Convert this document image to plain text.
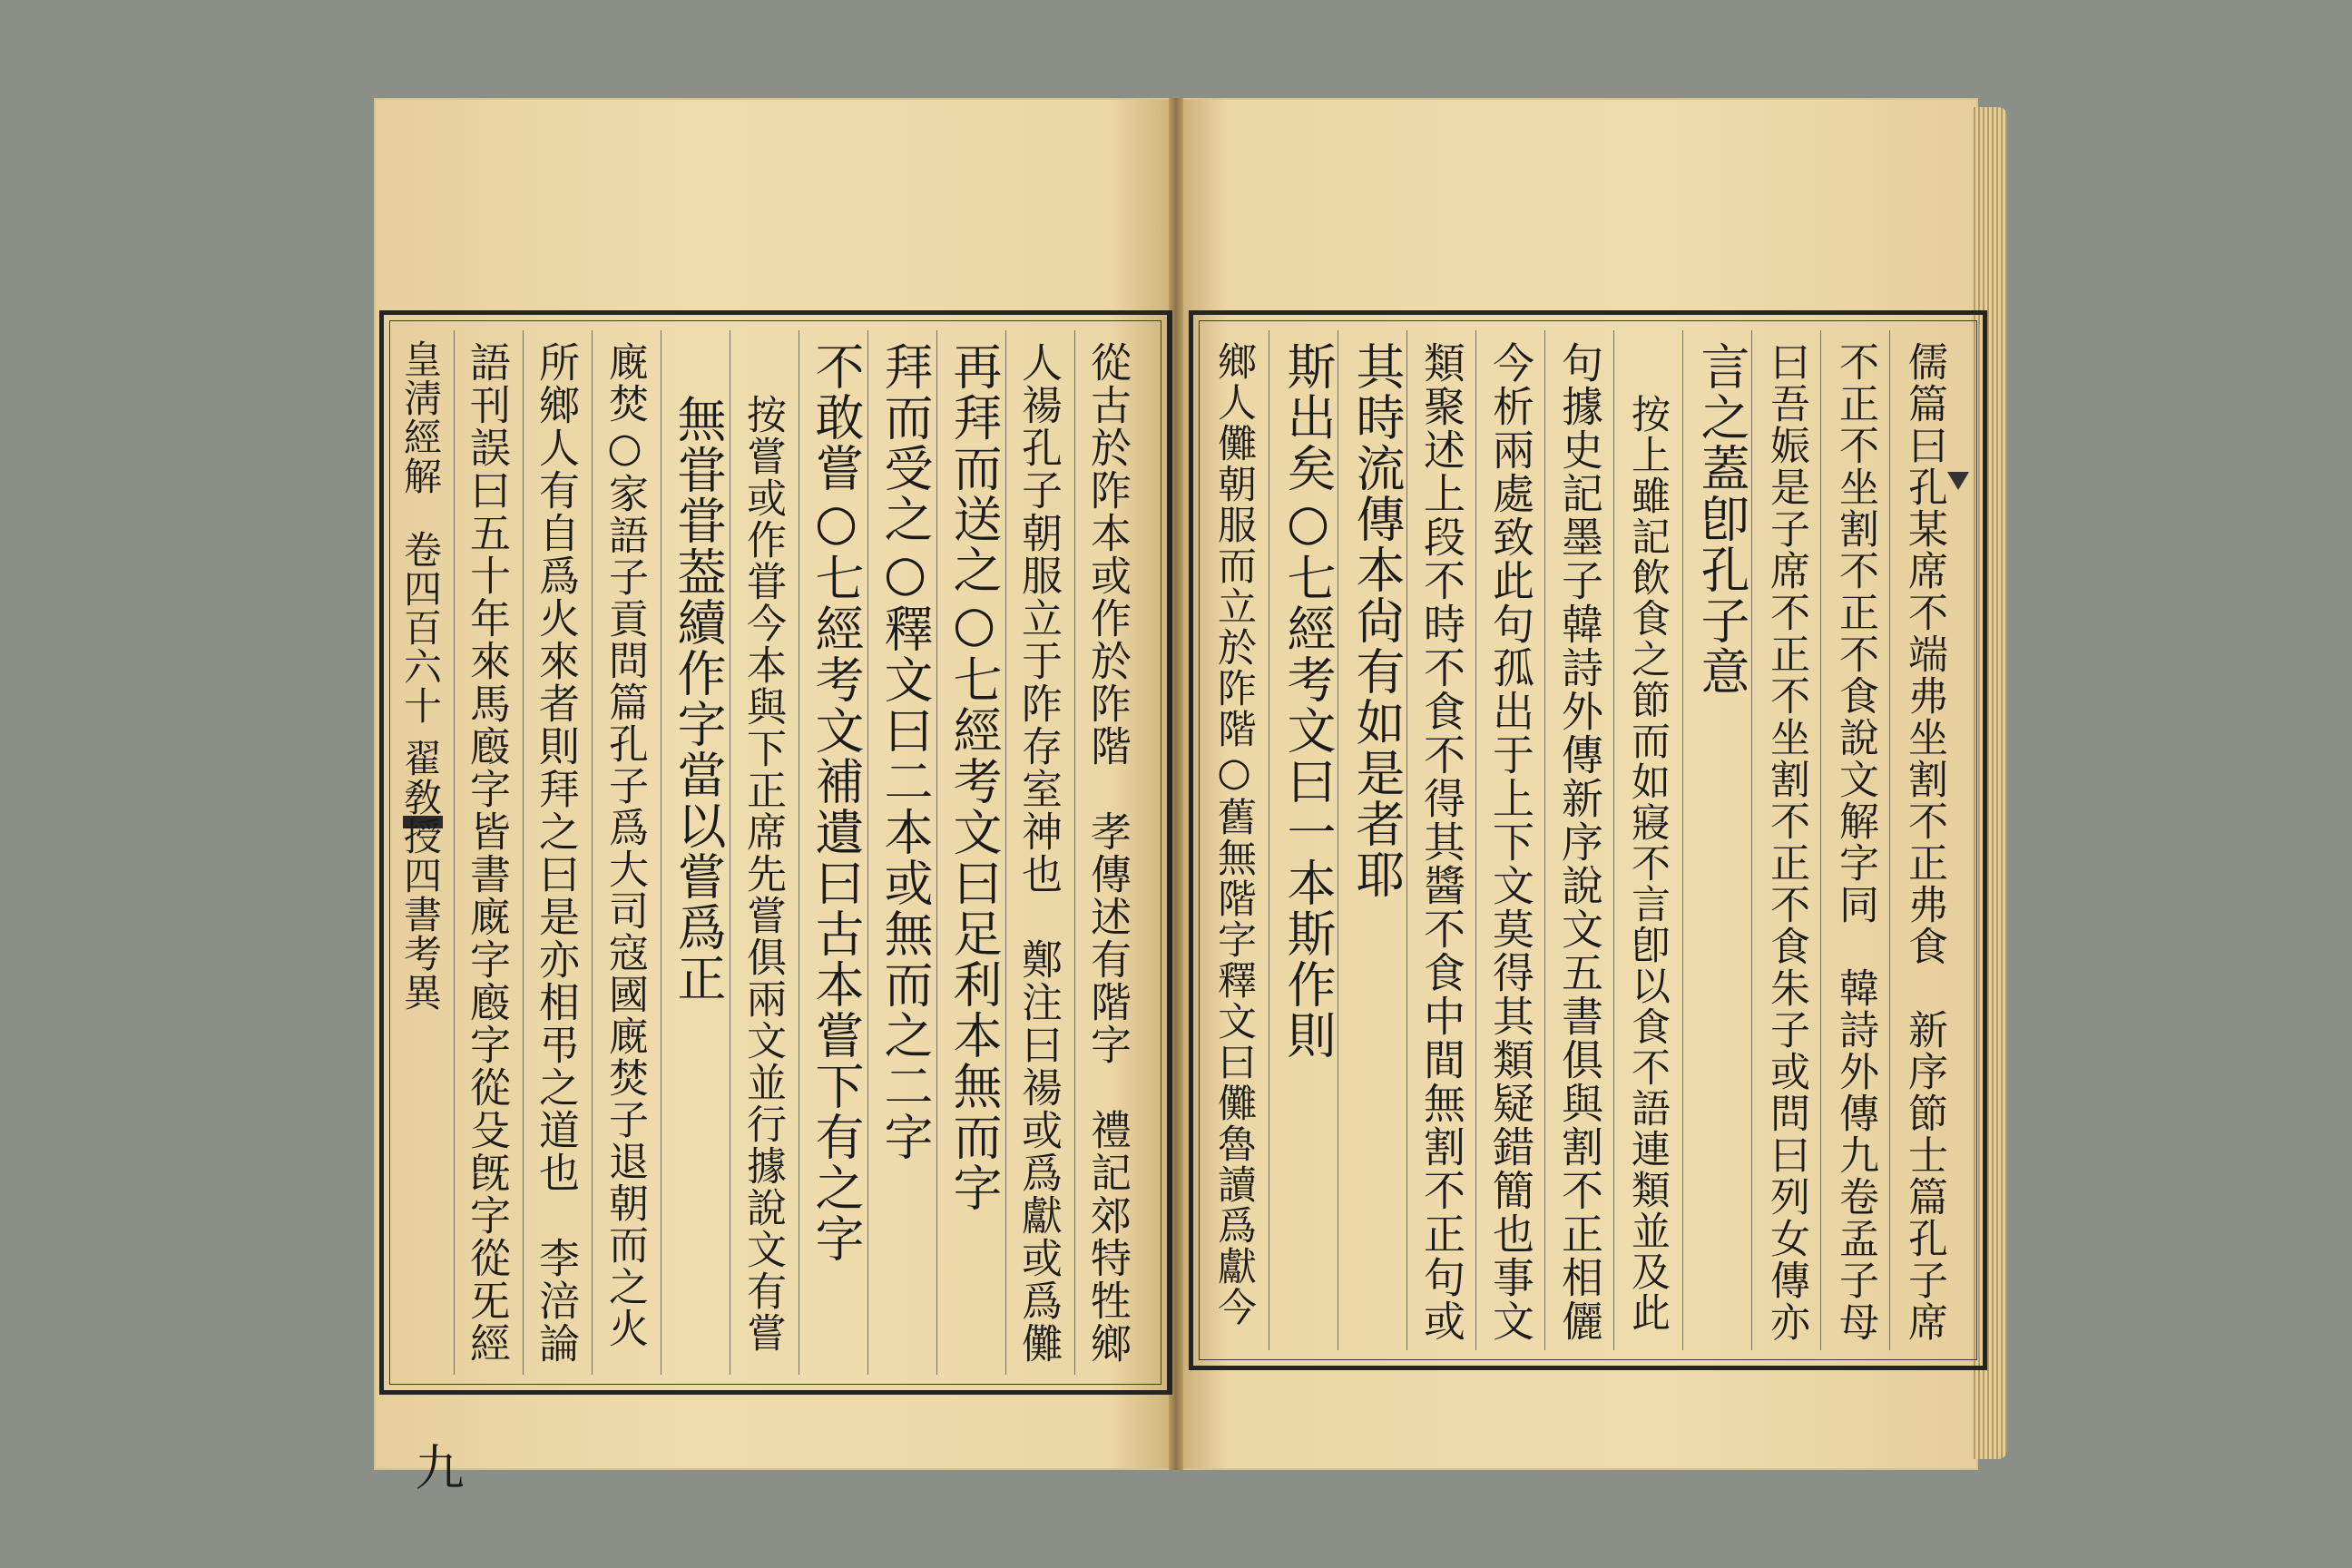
皇淸經解
卷四百六十
翟敎授四書考異
九
從古於阼本或作於阼階　孝傳述有階字　禮記郊特牲鄉
人禓孔子朝服立于阼存室神也　鄭注曰禓或爲獻或爲儺
再拜而送之○七經考文曰足利本無而字
拜而受之○釋文曰二本或無而之二字
不敢嘗○七經考文補遺曰古本嘗下有之字
按嘗或作甞今本與下正席先嘗俱兩文並行據說文有嘗
無甞甞葢續作字當以嘗爲正
廐焚○家語子貢問篇孔子爲大司寇國廐焚子退朝而之火
所鄉人有自爲火來者則拜之曰是亦相弔之道也　李涪論
語刊誤曰五十年來馬廏字皆書廐字廏字從殳旣字從旡經	儒篇曰孔某席不端弗坐割不正弗食　新序節士篇孔子席
不正不坐割不正不食說文解字同　韓詩外傳九卷孟子母
曰吾娠是子席不正不坐割不正不食朱子或問曰列女傳亦
言之蓋卽孔子意
按上雖記飲食之節而如寢不言卽以食不語連類並及此
句據史記墨子韓詩外傳新序說文五書俱與割不正相儷
今析兩處致此句孤出于上下文莫得其類疑錯簡也事文
類聚述上段不時不食不得其醬不食中間無割不正句或
其時流傳本尙有如是者耶
斯出矣○七經考文曰一本斯作則
鄉人儺朝服而立於阼階○舊無階字釋文曰儺魯讀爲獻今
